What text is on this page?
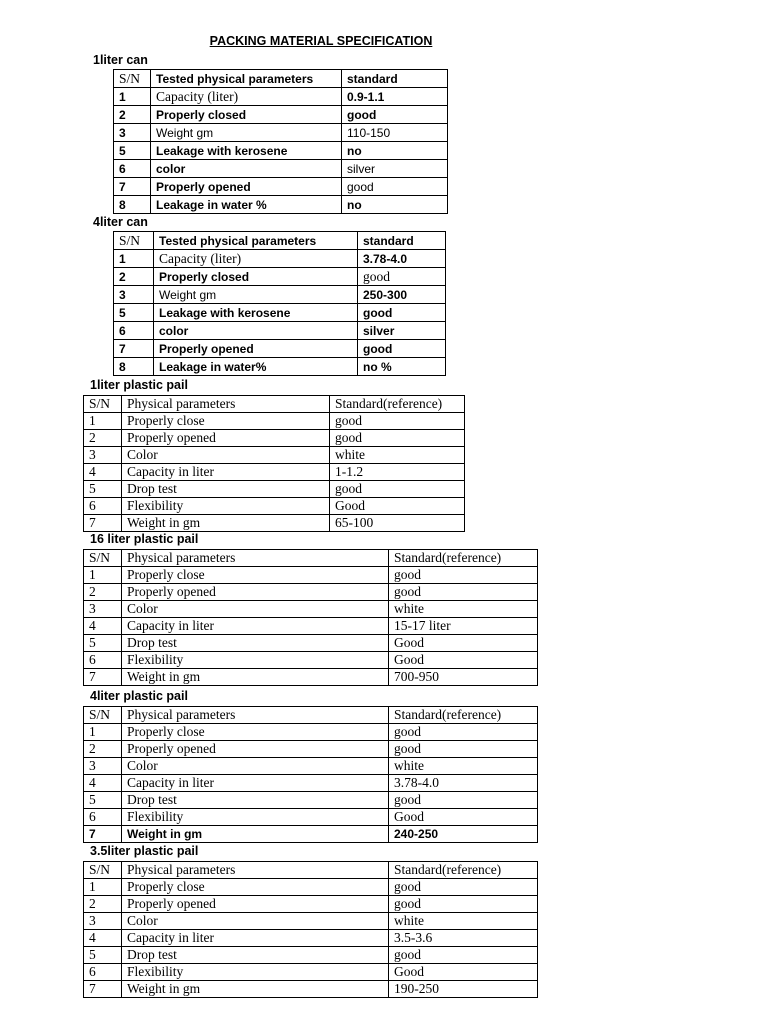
PACKING MATERIAL SPECIFICATION
1liter can
S/N	Tested physical parameters	standard
1	Capacity (liter)	0.9-1.1
2	Properly closed	good
3	Weight gm	110-150
5	Leakage with kerosene	no
6	color	silver
7	Properly opened	good
8	Leakage in water %	no
4liter can
S/N	Tested physical parameters	standard
1	Capacity (liter)	3.78-4.0
2	Properly closed	good
3	Weight gm	250-300
5	Leakage with kerosene	good
6	color	silver
7	Properly opened	good
8	Leakage in water%	no %
1liter plastic pail
S/N	Physical parameters	Standard(reference)
1	Properly close	good
2	Properly opened	good
3	Color	white
4	Capacity in liter	1-1.2
5	Drop test	good
6	Flexibility	Good
7	Weight in gm	65-100
16 liter plastic pail
S/N	Physical parameters	Standard(reference)
1	Properly close	good
2	Properly opened	good
3	Color	white
4	Capacity in liter	15-17 liter
5	Drop test	Good
6	Flexibility	Good
7	Weight in gm	700-950
4liter plastic pail
S/N	Physical parameters	Standard(reference)
1	Properly close	good
2	Properly opened	good
3	Color	white
4	Capacity in liter	3.78-4.0
5	Drop test	good
6	Flexibility	Good
7	Weight in gm	240-250
3.5liter plastic pail
S/N	Physical parameters	Standard(reference)
1	Properly close	good
2	Properly opened	good
3	Color	white
4	Capacity in liter	3.5-3.6
5	Drop test	good
6	Flexibility	Good
7	Weight in gm	190-250
